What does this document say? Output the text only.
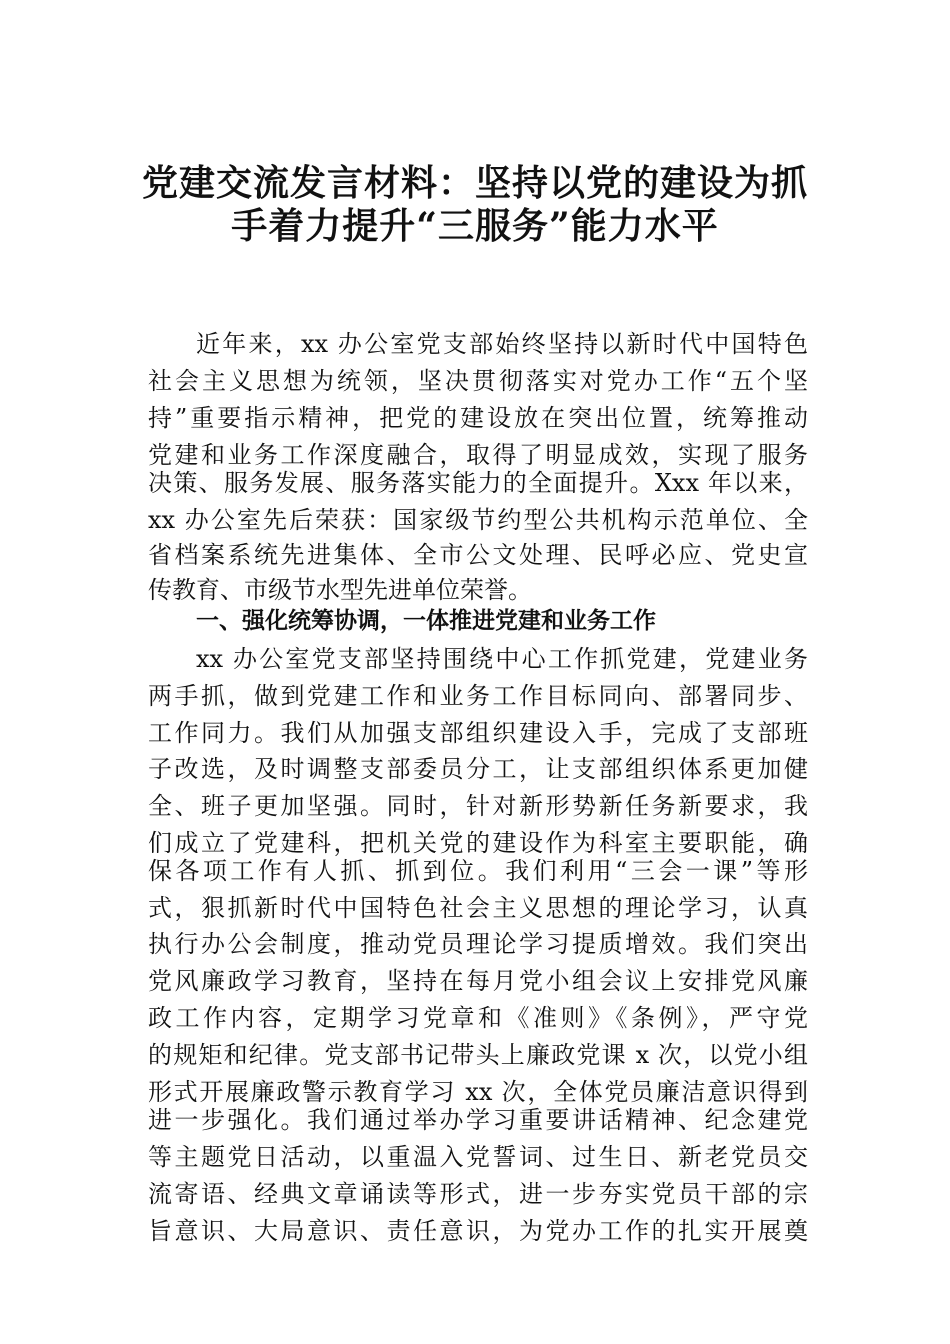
党建交流发言材料：坚持以党的建设为抓
手着力提升“三服务”能力水平

近年来，xx 办公室党支部始终坚持以新时代中国特色

社会主义思想为统领，坚决贯彻落实对党办工作“五个坚

持”重要指示精神，把党的建设放在突出位置，统筹推动

党建和业务工作深度融合，取得了明显成效，实现了服务

决策、服务发展、服务落实能力的全面提升。Xxx 年以来，

xx 办公室先后荣获：国家级节约型公共机构示范单位、全

省档案系统先进集体、全市公文处理、民呼必应、党史宣

传教育、市级节水型先进单位荣誉。

一、强化统筹协调，一体推进党建和业务工作

xx 办公室党支部坚持围绕中心工作抓党建，党建业务

两手抓，做到党建工作和业务工作目标同向、部署同步、

工作同力。我们从加强支部组织建设入手，完成了支部班

子改选，及时调整支部委员分工，让支部组织体系更加健

全、班子更加坚强。同时，针对新形势新任务新要求，我

们成立了党建科，把机关党的建设作为科室主要职能，确

保各项工作有人抓、抓到位。我们利用“三会一课”等形

式，狠抓新时代中国特色社会主义思想的理论学习，认真

执行办公会制度，推动党员理论学习提质增效。我们突出

党风廉政学习教育，坚持在每月党小组会议上安排党风廉

政工作内容，定期学习党章和《准则》《条例》，严守党

的规矩和纪律。党支部书记带头上廉政党课 x 次，以党小组

形式开展廉政警示教育学习 xx 次，全体党员廉洁意识得到

进一步强化。我们通过举办学习重要讲话精神、纪念建党

等主题党日活动，以重温入党誓词、过生日、新老党员交

流寄语、经典文章诵读等形式，进一步夯实党员干部的宗

旨意识、大局意识、责任意识，为党办工作的扎实开展奠
